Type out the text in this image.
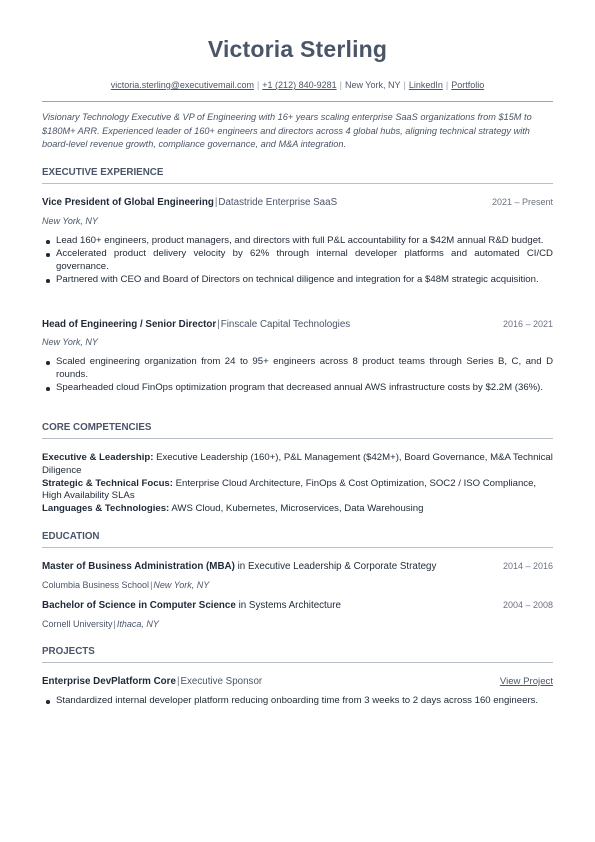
Victoria Sterling
victoria.sterling@executivemail.com | +1 (212) 840-9281 | New York, NY | LinkedIn | Portfolio
Visionary Technology Executive & VP of Engineering with 16+ years scaling enterprise SaaS organizations from $15M to $180M+ ARR. Experienced leader of 160+ engineers and directors across 4 global hubs, aligning technical strategy with board-level revenue growth, compliance governance, and M&A integration.
EXECUTIVE EXPERIENCE
Vice President of Global Engineering|Datastride Enterprise SaaS	2021 – Present
New York, NY
Lead 160+ engineers, product managers, and directors with full P&L accountability for a $42M annual R&D budget.
Accelerated product delivery velocity by 62% through internal developer platforms and automated CI/CD governance.
Partnered with CEO and Board of Directors on technical diligence and integration for a $48M strategic acquisition.
Head of Engineering / Senior Director|Finscale Capital Technologies	2016 – 2021
New York, NY
Scaled engineering organization from 24 to 95+ engineers across 8 product teams through Series B, C, and D rounds.
Spearheaded cloud FinOps optimization program that decreased annual AWS infrastructure costs by $2.2M (36%).
CORE COMPETENCIES

Executive & Leadership: Executive Leadership (160+), P&L Management ($42M+), Board Governance, M&A Technical Diligence

Strategic & Technical Focus: Enterprise Cloud Architecture, FinOps & Cost Optimization, SOC2 / ISO Compliance, High Availability SLAs

Languages & Technologies: AWS Cloud, Kubernetes, Microservices, Data Warehousing

EDUCATION
Master of Business Administration (MBA) in Executive Leadership & Corporate Strategy	2014 – 2016
Columbia Business School|New York, NY
Bachelor of Science in Computer Science in Systems Architecture	2004 – 2008
Cornell University|Ithaca, NY
PROJECTS
Enterprise DevPlatform Core|Executive Sponsor	View Project
Standardized internal developer platform reducing onboarding time from 3 weeks to 2 days across 160 engineers.
